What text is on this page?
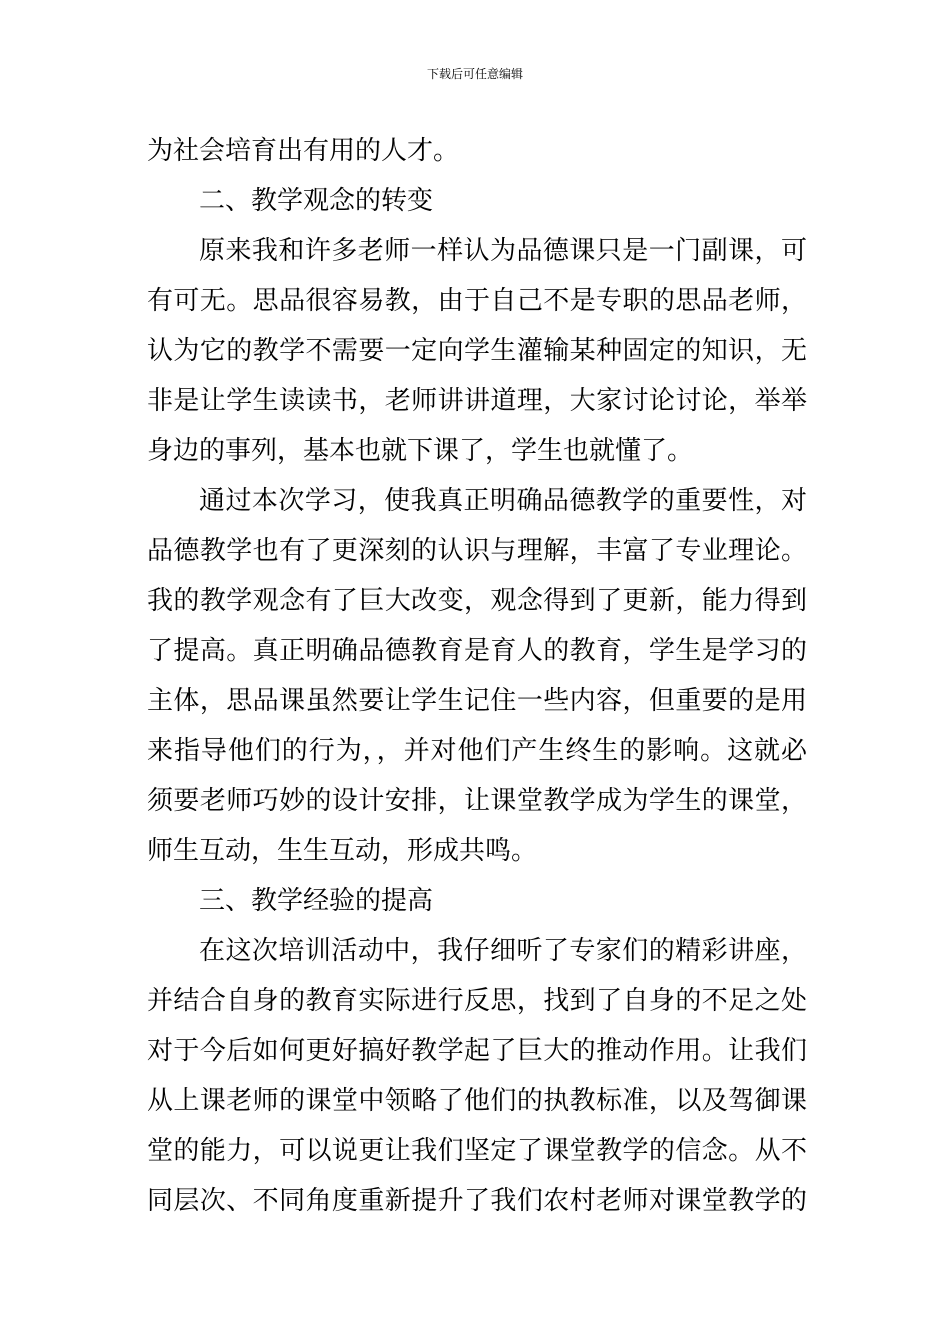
下载后可任意编辑
为社会培育出有用的人才。
二、教学观念的转变
原来我和许多老师一样认为品德课只是一门副课，可
有可无。思品很容易教，由于自己不是专职的思品老师，
认为它的教学不需要一定向学生灌输某种固定的知识，无
非是让学生读读书，老师讲讲道理，大家讨论讨论，举举
身边的事列，基本也就下课了，学生也就懂了。
通过本次学习，使我真正明确品德教学的重要性，对
品德教学也有了更深刻的认识与理解，丰富了专业理论。
我的教学观念有了巨大改变，观念得到了更新，能力得到
了提高。真正明确品德教育是育人的教育，学生是学习的
主体，思品课虽然要让学生记住一些内容，但重要的是用
来指导他们的行为，，并对他们产生终生的影响。这就必
须要老师巧妙的设计安排，让课堂教学成为学生的课堂，
师生互动，生生互动，形成共鸣。
三、教学经验的提高
在这次培训活动中，我仔细听了专家们的精彩讲座，
并结合自身的教育实际进行反思，找到了自身的不足之处
对于今后如何更好搞好教学起了巨大的推动作用。让我们
从上课老师的课堂中领略了他们的执教标准，以及驾御课
堂的能力，可以说更让我们坚定了课堂教学的信念。从不
同层次、不同角度重新提升了我们农村老师对课堂教学的
